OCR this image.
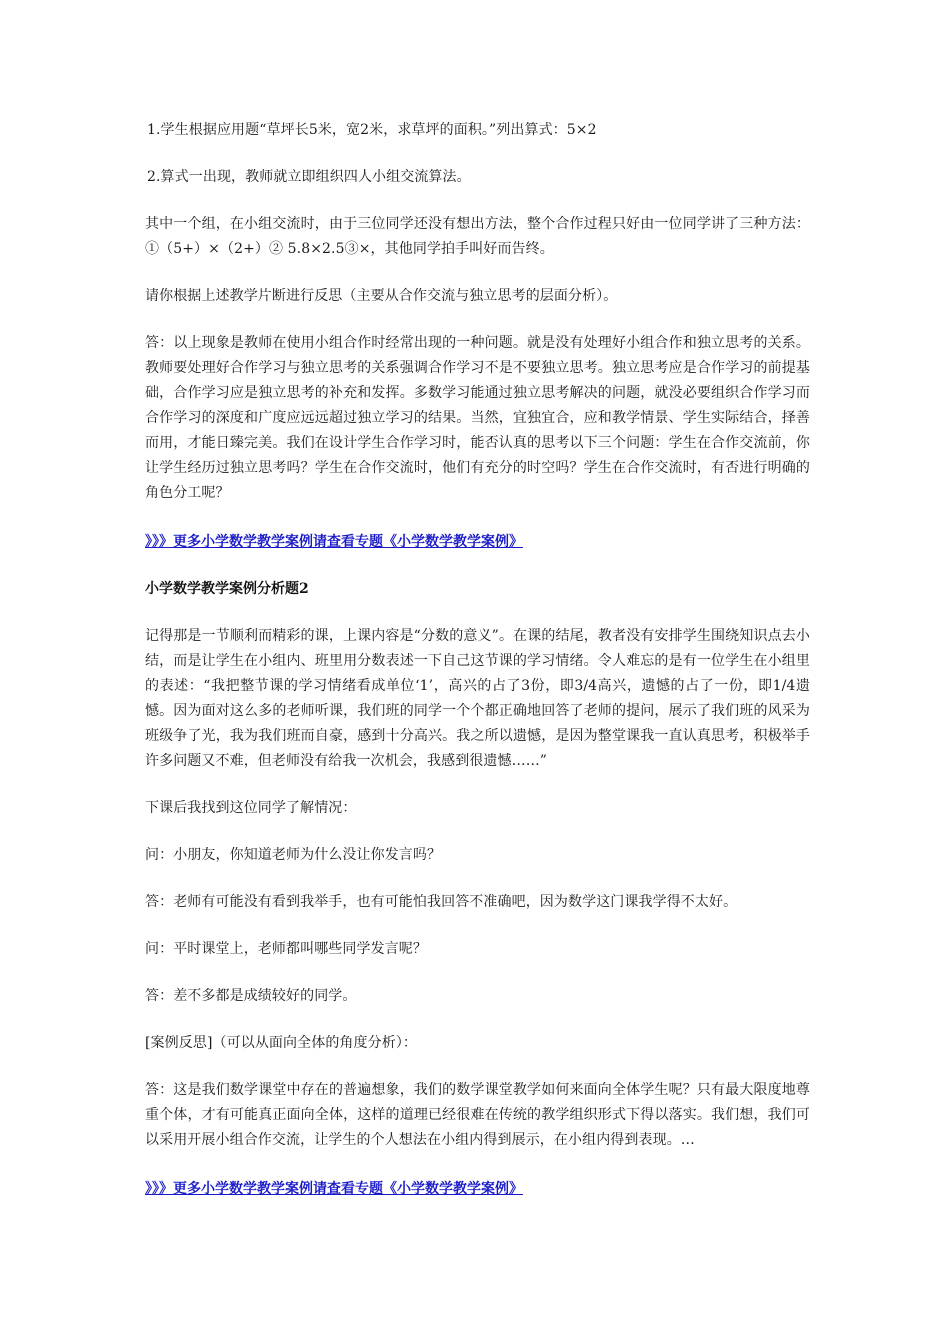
1.学生根据应用题“草坪长5米，宽2米，求草坪的面积。”列出算式：5×2

2.算式一出现，教师就立即组织四人小组交流算法。

其中一个组，在小组交流时，由于三位同学还没有想出方法，整个合作过程只好由一位同学讲了三种方法：①（5+）×（2+）② 5.8×2.5③×，其他同学拍手叫好而告终。

请你根据上述教学片断进行反思（主要从合作交流与独立思考的层面分析）。

答：以上现象是教师在使用小组合作时经常出现的一种问题。就是没有处理好小组合作和独立思考的关系。教师要处理好合作学习与独立思考的关系强调合作学习不是不要独立思考。独立思考应是合作学习的前提基础，合作学习应是独立思考的补充和发挥。多数学习能通过独立思考解决的问题，就没必要组织合作学习而合作学习的深度和广度应远远超过独立学习的结果。当然，宜独宜合，应和教学情景、学生实际结合，择善而用，才能日臻完美。我们在设计学生合作学习时，能否认真的思考以下三个问题：学生在合作交流前，你让学生经历过独立思考吗？学生在合作交流时，他们有充分的时空吗？学生在合作交流时，有否进行明确的角色分工呢？

》》》更多小学数学教学案例请查看专题《小学数学教学案例》
小学数学教学案例分析题2

记得那是一节顺利而精彩的课，上课内容是“分数的意义”。在课的结尾，教者没有安排学生围绕知识点去小结，而是让学生在小组内、班里用分数表述一下自己这节课的学习情绪。令人难忘的是有一位学生在小组里的表述：“我把整节课的学习情绪看成单位‘1’，高兴的占了3份，即3/4高兴，遗憾的占了一份，即1/4遗憾。因为面对这么多的老师听课，我们班的同学一个个都正确地回答了老师的提问，展示了我们班的风采为班级争了光，我为我们班而自豪，感到十分高兴。我之所以遗憾，是因为整堂课我一直认真思考，积极举手许多问题又不难，但老师没有给我一次机会，我感到很遗憾……”

下课后我找到这位同学了解情况：

问：小朋友，你知道老师为什么没让你发言吗？

答：老师有可能没有看到我举手，也有可能怕我回答不准确吧，因为数学这门课我学得不太好。

问：平时课堂上，老师都叫哪些同学发言呢？

答：差不多都是成绩较好的同学。

[案例反思]（可以从面向全体的角度分析）：

答：这是我们数学课堂中存在的普遍想象，我们的数学课堂教学如何来面向全体学生呢？只有最大限度地尊重个体，才有可能真正面向全体，这样的道理已经很难在传统的教学组织形式下得以落实。我们想，我们可以采用开展小组合作交流，让学生的个人想法在小组内得到展示，在小组内得到表现。…

》》》更多小学数学教学案例请查看专题《小学数学教学案例》
